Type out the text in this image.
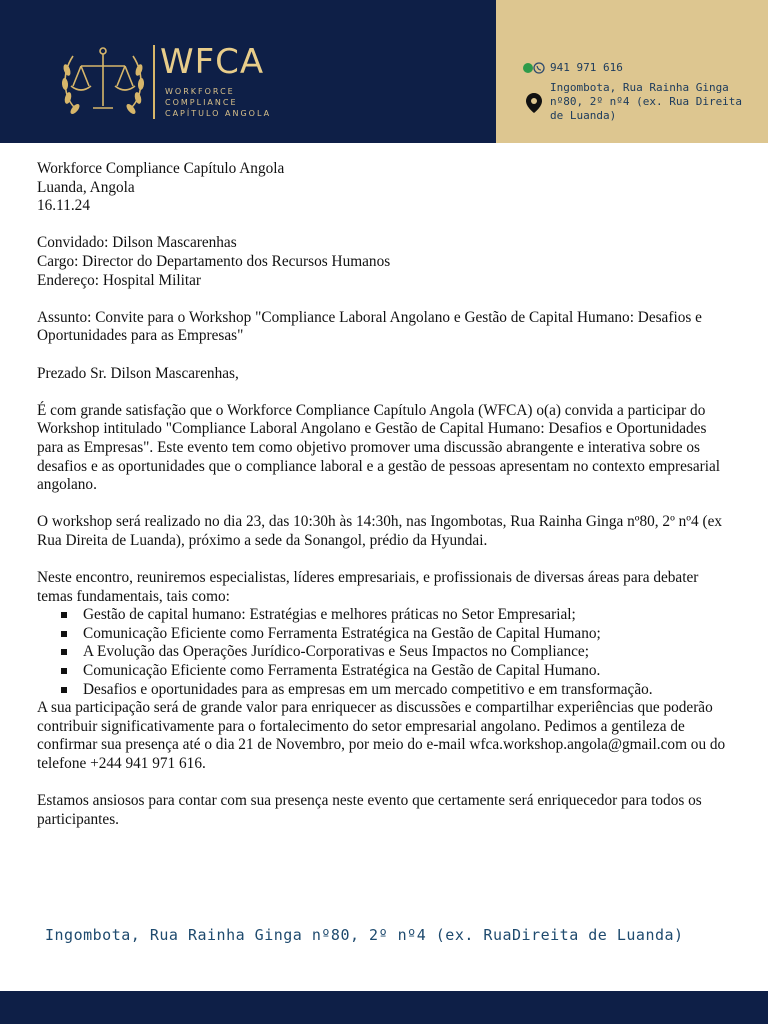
WFCA
WORKFORCE
COMPLIANCE
CAPÍTULO ANGOLA
941 971 616
Ingombota, Rua Rainha Ginga nº80, 2º nº4 (ex. Rua Direita de Luanda)

Workforce Compliance Capítulo Angola

Luanda, Angola

16.11.24

Convidado: Dilson Mascarenhas

Cargo: Director do Departamento dos Recursos Humanos

Endereço: Hospital Militar

Assunto: Convite para o Workshop "Compliance Laboral Angolano e Gestão de Capital Humano: Desafios e Oportunidades para as Empresas"

Prezado Sr. Dilson Mascarenhas,

É com grande satisfação que o Workforce Compliance Capítulo Angola (WFCA) o(a) convida a participar do Workshop intitulado "Compliance Laboral Angolano e Gestão de Capital Humano: Desafios e Oportunidades para as Empresas". Este evento tem como objetivo promover uma discussão abrangente e interativa sobre os desafios e as oportunidades que o compliance laboral e a gestão de pessoas apresentam no contexto empresarial angolano.

O workshop será realizado no dia 23, das 10:30h às 14:30h, nas Ingombotas, Rua Rainha Ginga nº80, 2º nº4 (ex Rua Direita de Luanda), próximo a sede da Sonangol, prédio da Hyundai.

Neste encontro, reuniremos especialistas, líderes empresariais, e profissionais de diversas áreas para debater temas fundamentais, tais como:

Gestão de capital humano: Estratégias e melhores práticas no Setor Empresarial;
Comunicação Eficiente como Ferramenta Estratégica na Gestão de Capital Humano;
A Evolução das Operações Jurídico-Corporativas e Seus Impactos no Compliance;
Comunicação Eficiente como Ferramenta Estratégica na Gestão de Capital Humano.
Desafios e oportunidades para as empresas em um mercado competitivo e em transformação.

A sua participação será de grande valor para enriquecer as discussões e compartilhar experiências que poderão contribuir significativamente para o fortalecimento do setor empresarial angolano. Pedimos a gentileza de confirmar sua presença até o dia 21 de Novembro, por meio do e-mail wfca.workshop.angola@gmail.com ou do telefone +244 941 971 616.

Estamos ansiosos para contar com sua presença neste evento que certamente será enriquecedor para todos os participantes.

Ingombota, Rua Rainha Ginga nº80, 2º nº4 (ex. RuaDireita de Luanda)
